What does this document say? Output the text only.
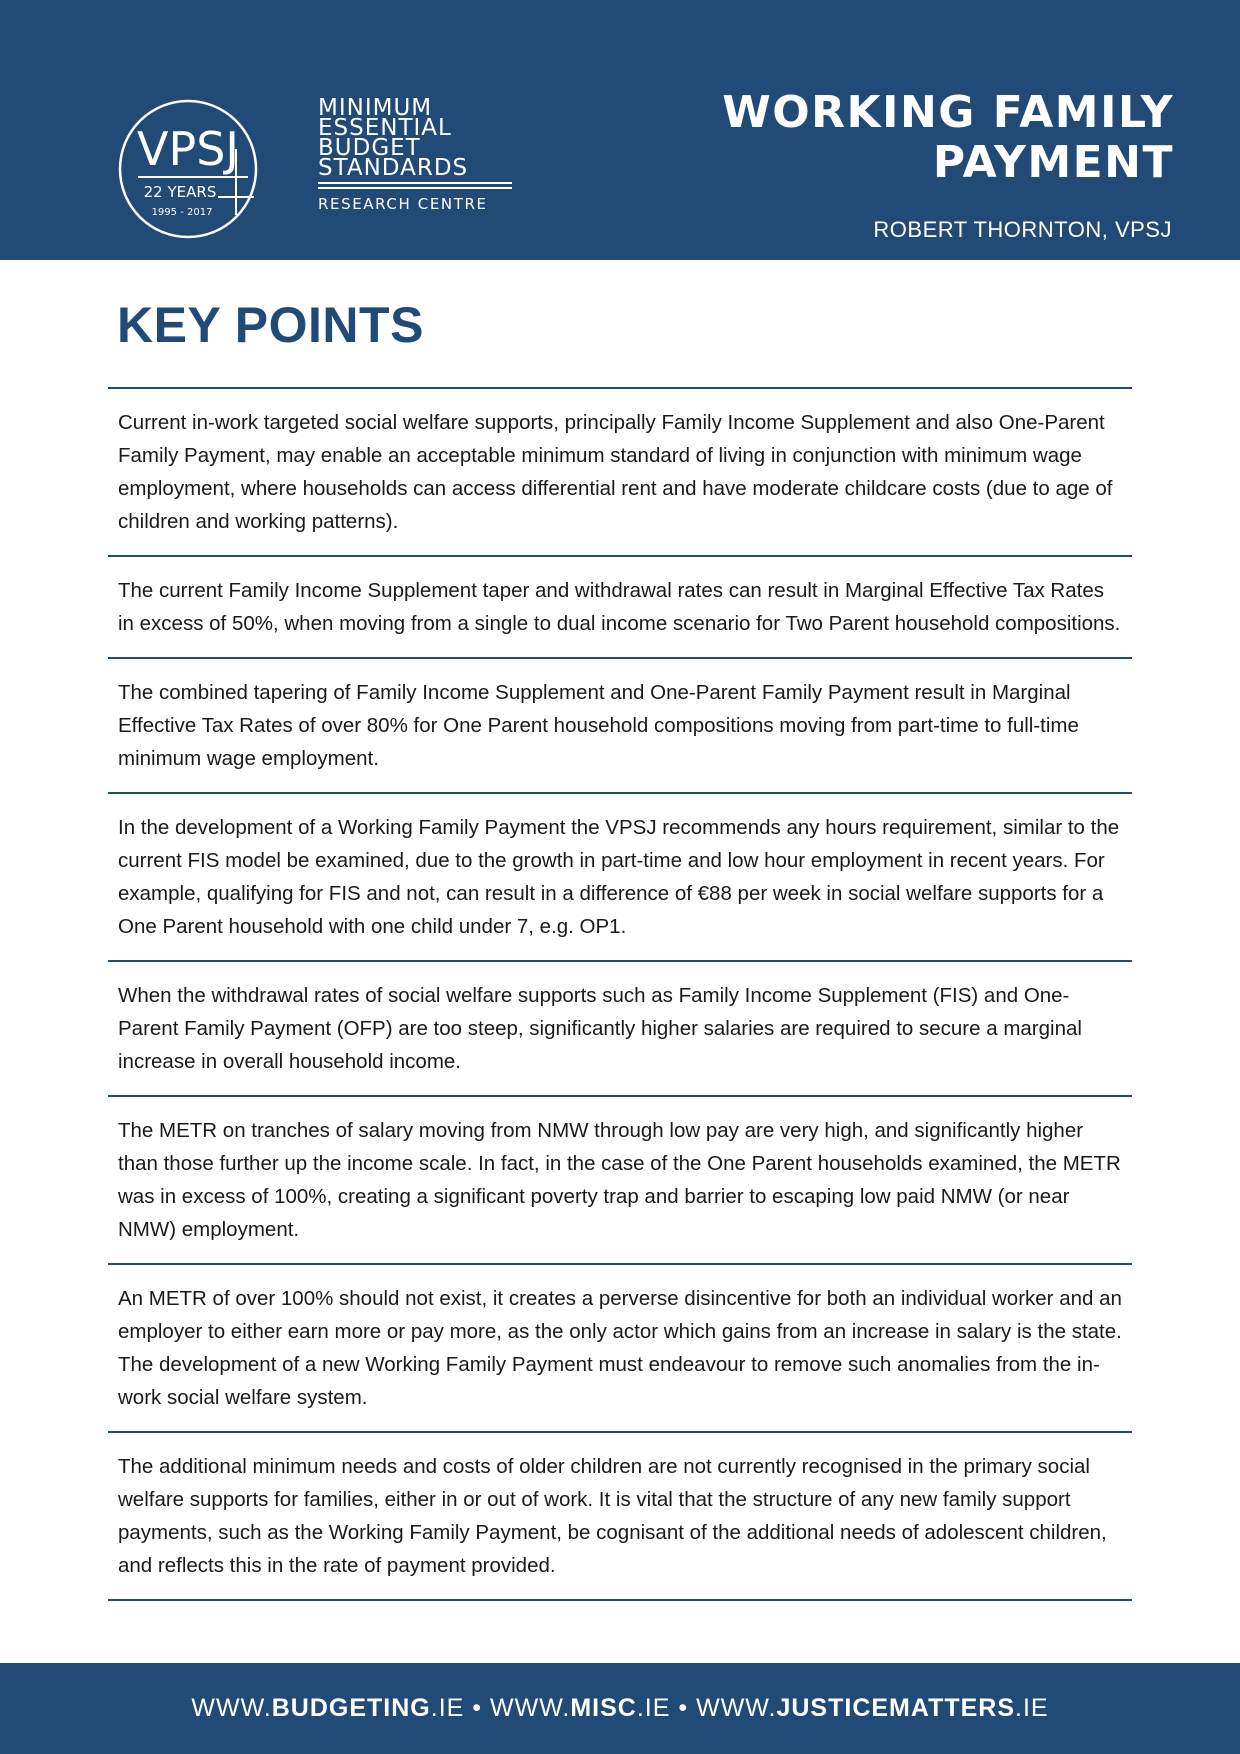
VPSJ
22 YEARS
1995 - 2017
MINIMUM
ESSENTIAL
BUDGET
STANDARDS
RESEARCH CENTRE
WORKING FAMILY
PAYMENT
ROBERT THORNTON, VPSJ
KEY POINTS

Current in-work targeted social welfare supports, principally Family Income Supplement and also One-Parent Family Payment, may enable an acceptable minimum standard of living in conjunction with minimum wage employment, where households can access differential rent and have moderate childcare costs (due to age of children and working patterns).

The current Family Income Supplement taper and withdrawal rates can result in Marginal Effective Tax Rates in excess of 50%, when moving from a single to dual income scenario for Two Parent household compositions.

The combined tapering of Family Income Supplement and One-Parent Family Payment result in Marginal Effective Tax Rates of over 80% for One Parent household compositions moving from part-time to full-time minimum wage employment.

In the development of a Working Family Payment the VPSJ recommends any hours requirement, similar to the current FIS model be examined, due to the growth in part-time and low hour employment in recent years. For example, qualifying for FIS and not, can result in a difference of €88 per week in social welfare supports for a One Parent household with one child under 7, e.g. OP1.

When the withdrawal rates of social welfare supports such as Family Income Supplement (FIS) and One-Parent Family Payment (OFP) are too steep, significantly higher salaries are required to secure a marginal increase in overall household income.

The METR on tranches of salary moving from NMW through low pay are very high, and significantly higher than those further up the income scale. In fact, in the case of the One Parent households examined, the METR was in excess of 100%, creating a significant poverty trap and barrier to escaping low paid NMW (or near NMW) employment.

An METR of over 100% should not exist, it creates a perverse disincentive for both an individual worker and an employer to either earn more or pay more, as the only actor which gains from an increase in salary is the state. The development of a new Working Family Payment must endeavour to remove such anomalies from the in-work social welfare system.

The additional minimum needs and costs of older children are not currently recognised in the primary social welfare supports for families, either in or out of work. It is vital that the structure of any new family support payments, such as the Working Family Payment, be cognisant of the additional needs of adolescent children, and reflects this in the rate of payment provided.

WWW.BUDGETING.IE • WWW.MISC.IE • WWW.JUSTICEMATTERS.IE
